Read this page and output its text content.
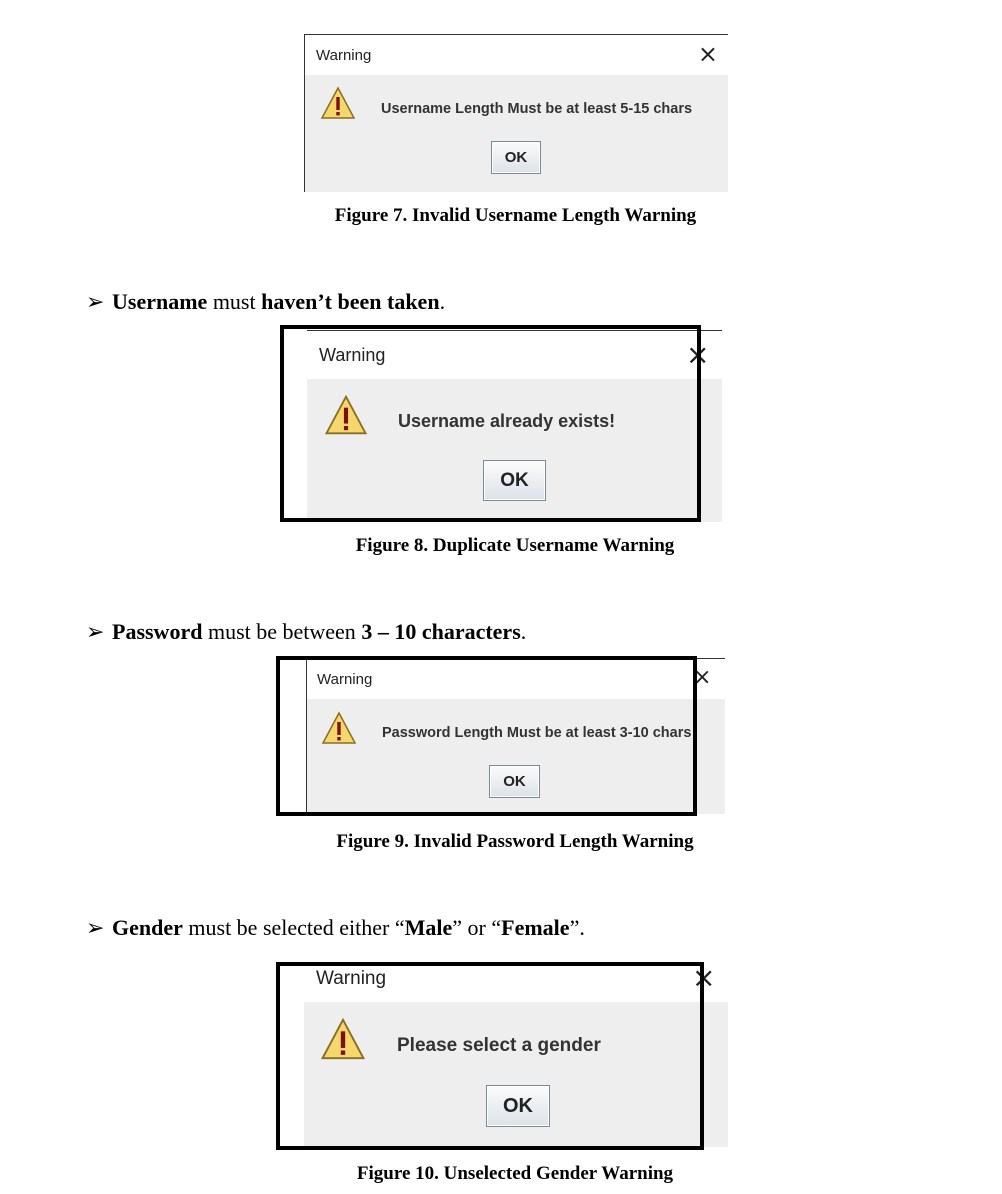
Warning	×
Username Length Must be at least 5-15 chars
OK
Figure 7. Invalid Username Length Warning
➢ Username must haven’t been taken.
Warning	×
Username already exists!
OK
Figure 8. Duplicate Username Warning
➢ Password must be between 3 – 10 characters.
Warning	×
Password Length Must be at least 3-10 chars
OK
Figure 9. Invalid Password Length Warning
➢ Gender must be selected either “Male” or “Female”.
Warning	×
Please select a gender
OK
Figure 10. Unselected Gender Warning
